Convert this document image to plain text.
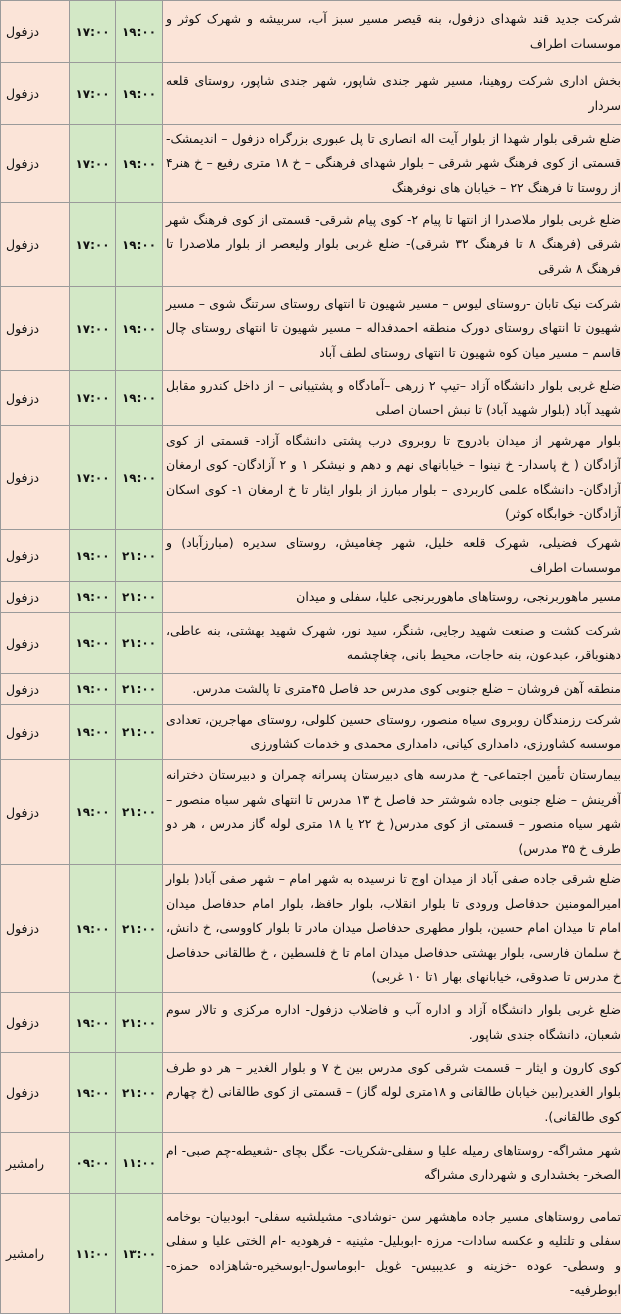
دزفول	۱۷:۰۰	۱۹:۰۰	شرکت جدید قند شهدای دزفول، بنه قیصر مسیر سبز آب، سربیشه و شهرک کوثر و موسسات اطراف
دزفول	۱۷:۰۰	۱۹:۰۰	بخش اداری شرکت روهینا، مسیر شهر جندی شاپور، شهر جندی شاپور، روستای قلعه سردار
دزفول	۱۷:۰۰	۱۹:۰۰	ضلع شرقی بلوار شهدا از بلوار آیت اله انصاری تا پل عبوری بزرگراه دزفول – اندیمشک- قسمتی از کوی فرهنگ شهر شرقی – بلوار شهدای فرهنگی – خ ۱۸ متری رفیع – خ هنر۴ از روستا تا فرهنگ ۲۲ – خیابان های نوفرهنگ
دزفول	۱۷:۰۰	۱۹:۰۰	ضلع غربی بلوار ملاصدرا از انتها تا پیام ۲- کوی پیام شرقی- قسمتی از کوی فرهنگ شهر شرقی (فرهنگ ۸ تا فرهنگ ۳۲ شرقی)- ضلع غربی بلوار ولیعصر از بلوار ملاصدرا تا فرهنگ ۸ شرقی
دزفول	۱۷:۰۰	۱۹:۰۰	شرکت نیک تابان -روستای لیوس – مسیر شهیون تا انتهای روستای سرتنگ شوی – مسیر شهیون تا انتهای روستای دورک منطقه احمدفداله – مسیر شهیون تا انتهای روستای چال قاسم – مسیر میان کوه شهیون تا انتهای روستای لطف آباد
دزفول	۱۷:۰۰	۱۹:۰۰	ضلع غربی بلوار دانشگاه آزاد –تیپ ۲ زرهی –آمادگاه و پشتیبانی – از داخل کندرو مقابل شهید آباد (بلوار شهید آباد) تا نبش احسان اصلی
دزفول	۱۷:۰۰	۱۹:۰۰	بلوار مهرشهر از میدان بادروج تا روبروی درب پشتی دانشگاه آزاد- قسمتی از کوی آزادگان ( خ پاسدار- خ نینوا – خیابانهای نهم و دهم و نیشکر ۱ و ۲ آزادگان- کوی ارمغان آزادگان- دانشگاه علمی کاربردی – بلوار مبارز از بلوار ایثار تا خ ارمغان ۱- کوی اسکان آزادگان- خوابگاه کوثر)
دزفول	۱۹:۰۰	۲۱:۰۰	شهرک فضیلی، شهرک قلعه خلیل، شهر چغامیش، روستای سدیره (مبارزآباد) و موسسات اطراف
دزفول	۱۹:۰۰	۲۱:۰۰	مسیر ماهوربرنجی، روستاهای ماهوربرنجی علیا، سفلی و میدان
دزفول	۱۹:۰۰	۲۱:۰۰	شرکت کشت و صنعت شهید رجایی، شنگر، سید نور، شهرک شهید بهشتی، بنه عاطی، دهنوباقر، عبدعون، بنه حاجات، محیط بانی، چغاچشمه
دزفول	۱۹:۰۰	۲۱:۰۰	منطقه آهن فروشان – ضلع جنوبی کوی مدرس حد فاصل ۴۵متری تا پالشت مدرس.
دزفول	۱۹:۰۰	۲۱:۰۰	شرکت رزمندگان روبروی سیاه منصور، روستای حسین کلولی، روستای مهاجرین، تعدادی موسسه کشاورزی، دامداری کیانی، دامداری محمدی و خدمات کشاورزی
دزفول	۱۹:۰۰	۲۱:۰۰	بیمارستان تأمین اجتماعی- خ مدرسه های دبیرستان پسرانه چمران و دبیرستان دخترانه آفرینش – ضلع جنوبی جاده شوشتر حد فاصل خ ۱۳ مدرس تا انتهای شهر سیاه منصور – شهر سیاه منصور – قسمتی از کوی مدرس( خ ۲۲ یا ۱۸ متری لوله گاز مدرس ، هر دو طرف خ ۳۵ مدرس)
دزفول	۱۹:۰۰	۲۱:۰۰	ضلع شرقی جاده صفی آباد از میدان اوج تا نرسیده به شهر امام – شهر صفی آباد( بلوار امیرالمومنین حدفاصل ورودی تا بلوار انقلاب، بلوار حافظ، بلوار امام حدفاصل میدان امام تا میدان امام حسین، بلوار مطهری حدفاصل میدان مادر تا بلوار کاووسی، خ دانش، خ سلمان فارسی، بلوار بهشتی حدفاصل میدان امام تا خ فلسطین ، خ طالقانی حدفاصل خ مدرس تا صدوقی، خیابانهای بهار ۱تا ۱۰ غربی)
دزفول	۱۹:۰۰	۲۱:۰۰	ضلع غربی بلوار دانشگاه آزاد و اداره آب و فاضلاب دزفول- اداره مرکزی و تالار سوم شعبان، دانشگاه جندی شاپور.
دزفول	۱۹:۰۰	۲۱:۰۰	کوی کارون و ایثار – قسمت شرقی کوی مدرس بین خ ۷ و بلوار الغدیر – هر دو طرف بلوار الغدیر(بین خیابان طالقانی و ۱۸متری لوله گاز) – قسمتی از کوی طالقانی (خ چهارم کوی طالقانی).
رامشیر	۰۹:۰۰	۱۱:۰۰	شهر مشراگه- روستاهای رمیله علیا و سفلی-شکریات- عگل بچای -شعیطه-چم صبی- ام الصخر- بخشداری و شهرداری مشراگه
رامشیر	۱۱:۰۰	۱۳:۰۰	تمامی روستاهای مسیر جاده ماهشهر سن -نوشادی- مشیلشیه سفلی- ابودبیان- بوخامه سفلی و تلتلیه و عکسه سادات- مرزه -ابوبلیل- مثینیه - فرهودیه -ام الختی علیا و سفلی و وسطی- عوده -خزینه و عدیبیس- غویل -ابوماسول-ابوسخیره-شاهزاده حمزه-ابوطرفیه-
